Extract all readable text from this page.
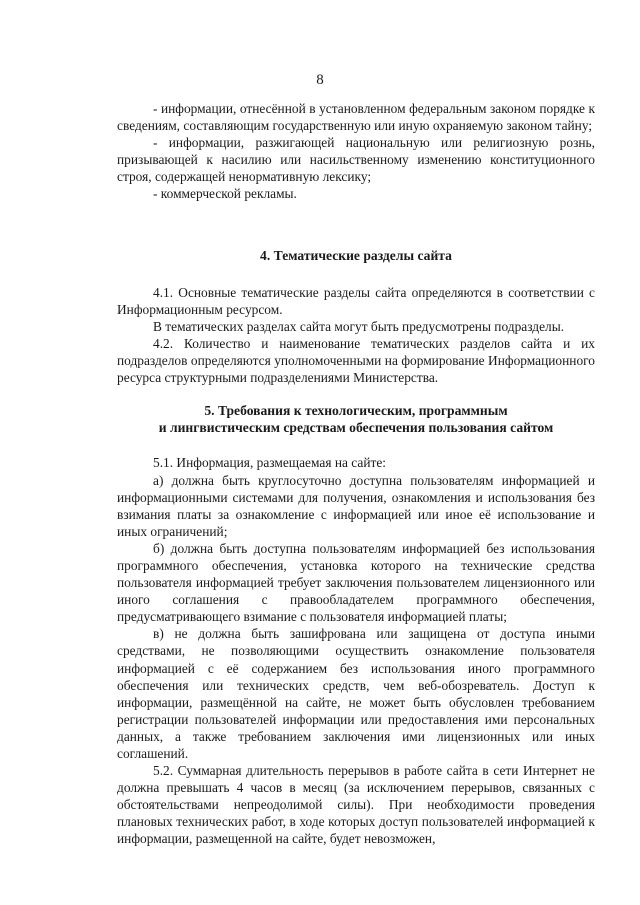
8

- информации, отнесённой в установленном федеральным законом порядке к сведениям, составляющим государственную или иную охраняемую законом тайну;

- информации, разжигающей национальную или религиозную рознь, призывающей к насилию или насильственному изменению конституционного строя, содержащей ненормативную лексику;

- коммерческой рекламы.

4. Тематические разделы сайта

4.1. Основные тематические разделы сайта определяются в соответствии с Информационным ресурсом.

В тематических разделах сайта могут быть предусмотрены подразделы.

4.2. Количество и наименование тематических разделов сайта и их подразделов определяются уполномоченными на формирование Информационного ресурса структурными подразделениями Министерства.

5. Требования к технологическим, программным
и лингвистическим средствам обеспечения пользования сайтом

5.1. Информация, размещаемая на сайте:

а) должна быть круглосуточно доступна пользователям информацией и информационными системами для получения, ознакомления и использования без взимания платы за ознакомление с информацией или иное её использование и иных ограничений;

б) должна быть доступна пользователям информацией без использования программного обеспечения, установка которого на технические средства пользователя информацией требует заключения пользователем лицензионного или иного соглашения с правообладателем программного обеспечения, предусматривающего взимание с пользователя информацией платы;

в) не должна быть зашифрована или защищена от доступа иными средствами, не позволяющими осуществить ознакомление пользователя информацией с её содержанием без использования иного программного обеспечения или технических средств, чем веб-обозреватель. Доступ к информации, размещённой на сайте, не может быть обусловлен требованием регистрации пользователей информации или предоставления ими персональных данных, а также требованием заключения ими лицензионных или иных соглашений.

5.2. Суммарная длительность перерывов в работе сайта в сети Интернет не должна превышать 4 часов в месяц (за исключением перерывов, связанных с обстоятельствами непреодолимой силы). При необходимости проведения плановых технических работ, в ходе которых доступ пользователей информацией к информации, размещенной на сайте, будет невозможен,
